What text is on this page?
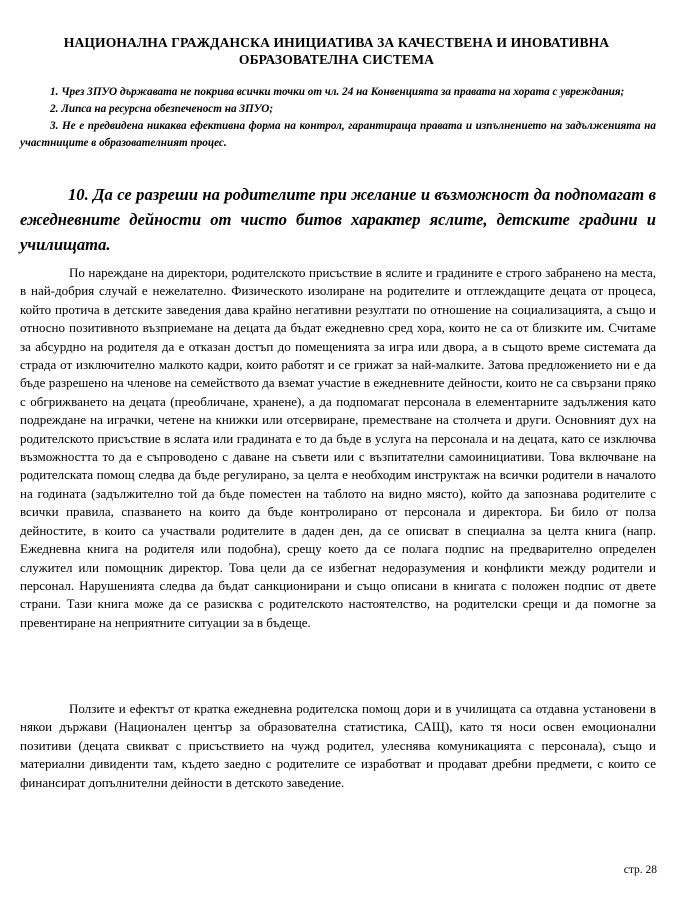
НАЦИОНАЛНА ГРАЖДАНСКА ИНИЦИАТИВА ЗА КАЧЕСТВЕНА И ИНОВАТИВНА
ОБРАЗОВАТЕЛНА СИСТЕМА

1. Чрез ЗПУО държавата не покрива всички точки от чл. 24 на Конвенцията за правата на хората с увреждания;

2. Липса на ресурсна обезпеченост на ЗПУО;

3. Не е предвидена никаква ефективна форма на контрол, гарантираща правата и изпълнението на задълженията на участниците в образователният процес.

10. Да се разреши на родителите при желание и възможност да подпомагат в ежедневните дейности от чисто битов характер яслите, детските градини и училищата.

По нареждане на директори, родителското присъствие в яслите и градините е строго забранено на места, в най-добрия случай е нежелателно. Физическото изолиране на родителите и отглеждащите децата от процеса, който протича в детските заведения дава крайно негативни резултати по отношение на социализацията, а също и относно позитивното възприемане на децата да бъдат ежедневно сред хора, които не са от близките им. Считаме за абсурдно на родителя да е отказан достъп до помещенията за игра или двора, а в същото време системата да страда от изключително малкото кадри, които работят и се грижат за най-малките. Затова предложението ни е да бъде разрешено на членове на семейството да вземат участие в ежедневните дейности, които не са свързани пряко с обгрижването на децата (преобличане, хранене), а да подпомагат персонала в елементарните задължения като подреждане на играчки, четене на книжки или отсервиране, преместване на столчета и други. Основният дух на родителското присъствие в яслата или градината е то да бъде в услуга на персонала и на децата, като се изключва възможността то да е съпроводено с даване на съвети или с възпитателни самоинициативи. Това включване на родителската помощ следва да бъде регулирано, за целта е необходим инструктаж на всички родители в началото на годината (задължително той да бъде поместен на таблото на видно място), който да запознава родителите с всички правила, спазването на които да бъде контролирано от персонала и директора. Би било от полза дейностите, в които са участвали родителите в даден ден, да се описват в специална за целта книга (напр. Ежедневна книга на родителя или подобна), срещу което да се полага подпис на предварително определен служител или помощник директор. Това цели да се избегнат недоразумения и конфликти между родители и персонал. Нарушенията следва да бъдат санкционирани и също описани в книгата с положен подпис от двете страни. Тази книга може да се разисква с родителското настоятелство, на родителски срещи и да помогне за превентиране на неприятните ситуации за в бъдеще.

Ползите и ефектът от кратка ежедневна родителска помощ дори и в училищата са отдавна установени в някои държави (Национален център за образователна статистика, САЩ), като тя носи освен емоционални позитиви (децата свикват с присъствието на чужд родител, улеснява комуникацията с персонала), също и материални дивиденти там, където заедно с родителите се изработват и продават дребни предмети, с които се финансират допълнителни дейности в детското заведение.

стр. 28
